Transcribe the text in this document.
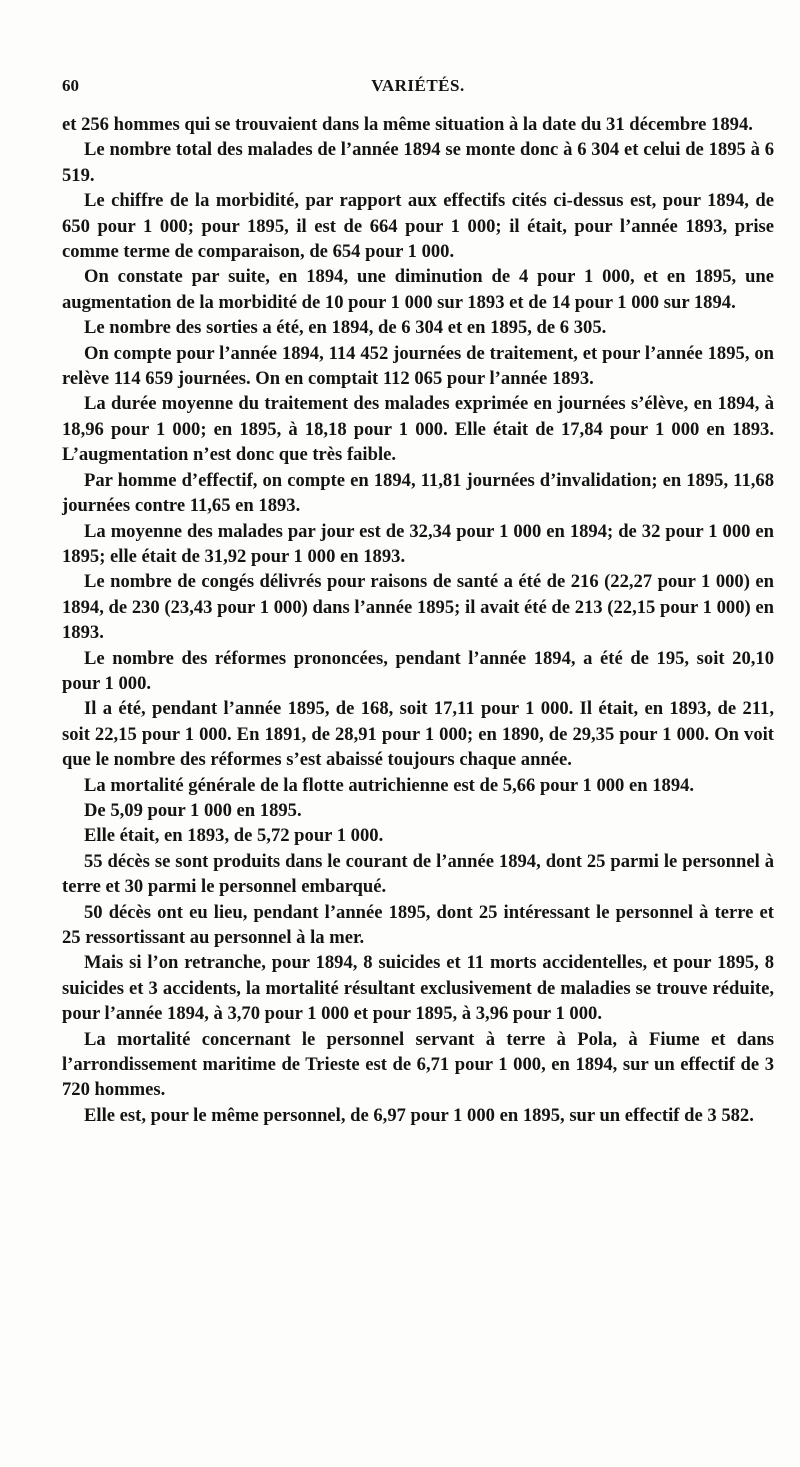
60	VARIÉTÉS.

et 256 hommes qui se trouvaient dans la même situation à la date du 31 décembre 1894.

Le nombre total des malades de l’année 1894 se monte donc à 6 304 et celui de 1895 à 6 519.

Le chiffre de la morbidité, par rapport aux effectifs cités ci-dessus est, pour 1894, de 650 pour 1 000; pour 1895, il est de 664 pour 1 000; il était, pour l’année 1893, prise comme terme de comparaison, de 654 pour 1 000.

On constate par suite, en 1894, une diminution de 4 pour 1 000, et en 1895, une augmentation de la morbidité de 10 pour 1 000 sur 1893 et de 14 pour 1 000 sur 1894.

Le nombre des sorties a été, en 1894, de 6 304 et en 1895, de 6 305.

On compte pour l’année 1894, 114 452 journées de traitement, et pour l’année 1895, on relève 114 659 journées. On en comptait 112 065 pour l’année 1893.

La durée moyenne du traitement des malades exprimée en journées s’élève, en 1894, à 18,96 pour 1 000; en 1895, à 18,18 pour 1 000. Elle était de 17,84 pour 1 000 en 1893. L’augmentation n’est donc que très faible.

Par homme d’effectif, on compte en 1894, 11,81 journées d’invalidation; en 1895, 11,68 journées contre 11,65 en 1893.

La moyenne des malades par jour est de 32,34 pour 1 000 en 1894; de 32 pour 1 000 en 1895; elle était de 31,92 pour 1 000 en 1893.

Le nombre de congés délivrés pour raisons de santé a été de 216 (22,27 pour 1 000) en 1894, de 230 (23,43 pour 1 000) dans l’année 1895; il avait été de 213 (22,15 pour 1 000) en 1893.

Le nombre des réformes prononcées, pendant l’année 1894, a été de 195, soit 20,10 pour 1 000.

Il a été, pendant l’année 1895, de 168, soit 17,11 pour 1 000. Il était, en 1893, de 211, soit 22,15 pour 1 000. En 1891, de 28,91 pour 1 000; en 1890, de 29,35 pour 1 000. On voit que le nombre des réformes s’est abaissé toujours chaque année.

La mortalité générale de la flotte autrichienne est de 5,66 pour 1 000 en 1894.

De 5,09 pour 1 000 en 1895.

Elle était, en 1893, de 5,72 pour 1 000.

55 décès se sont produits dans le courant de l’année 1894, dont 25 parmi le personnel à terre et 30 parmi le personnel embarqué.

50 décès ont eu lieu, pendant l’année 1895, dont 25 intéressant le personnel à terre et 25 ressortissant au personnel à la mer.

Mais si l’on retranche, pour 1894, 8 suicides et 11 morts accidentelles, et pour 1895, 8 suicides et 3 accidents, la mortalité résultant exclusivement de maladies se trouve réduite, pour l’année 1894, à 3,70 pour 1 000 et pour 1895, à 3,96 pour 1 000.

La mortalité concernant le personnel servant à terre à Pola, à Fiume et dans l’arrondissement maritime de Trieste est de 6,71 pour 1 000, en 1894, sur un effectif de 3 720 hommes.

Elle est, pour le même personnel, de 6,97 pour 1 000 en 1895, sur un effectif de 3 582.
